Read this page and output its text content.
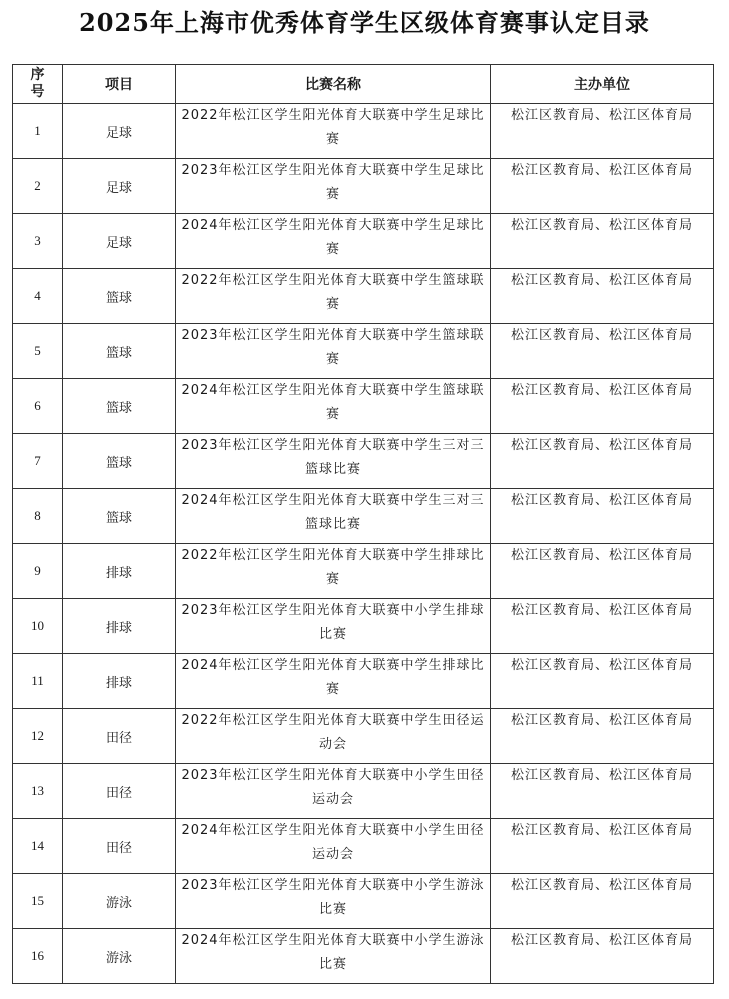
2025年上海市优秀体育学生区级体育赛事认定目录
序号	项目	比赛名称	主办单位
1	足球	2022年松江区学生阳光体育大联赛中学生足球比赛	松江区教育局、松江区体育局
2	足球	2023年松江区学生阳光体育大联赛中学生足球比赛	松江区教育局、松江区体育局
3	足球	2024年松江区学生阳光体育大联赛中学生足球比赛	松江区教育局、松江区体育局
4	篮球	2022年松江区学生阳光体育大联赛中学生篮球联赛	松江区教育局、松江区体育局
5	篮球	2023年松江区学生阳光体育大联赛中学生篮球联赛	松江区教育局、松江区体育局
6	篮球	2024年松江区学生阳光体育大联赛中学生篮球联赛	松江区教育局、松江区体育局
7	篮球	2023年松江区学生阳光体育大联赛中学生三对三篮球比赛	松江区教育局、松江区体育局
8	篮球	2024年松江区学生阳光体育大联赛中学生三对三篮球比赛	松江区教育局、松江区体育局
9	排球	2022年松江区学生阳光体育大联赛中学生排球比赛	松江区教育局、松江区体育局
10	排球	2023年松江区学生阳光体育大联赛中小学生排球比赛	松江区教育局、松江区体育局
11	排球	2024年松江区学生阳光体育大联赛中学生排球比赛	松江区教育局、松江区体育局
12	田径	2022年松江区学生阳光体育大联赛中学生田径运动会	松江区教育局、松江区体育局
13	田径	2023年松江区学生阳光体育大联赛中小学生田径运动会	松江区教育局、松江区体育局
14	田径	2024年松江区学生阳光体育大联赛中小学生田径运动会	松江区教育局、松江区体育局
15	游泳	2023年松江区学生阳光体育大联赛中小学生游泳比赛	松江区教育局、松江区体育局
16	游泳	2024年松江区学生阳光体育大联赛中小学生游泳比赛	松江区教育局、松江区体育局
